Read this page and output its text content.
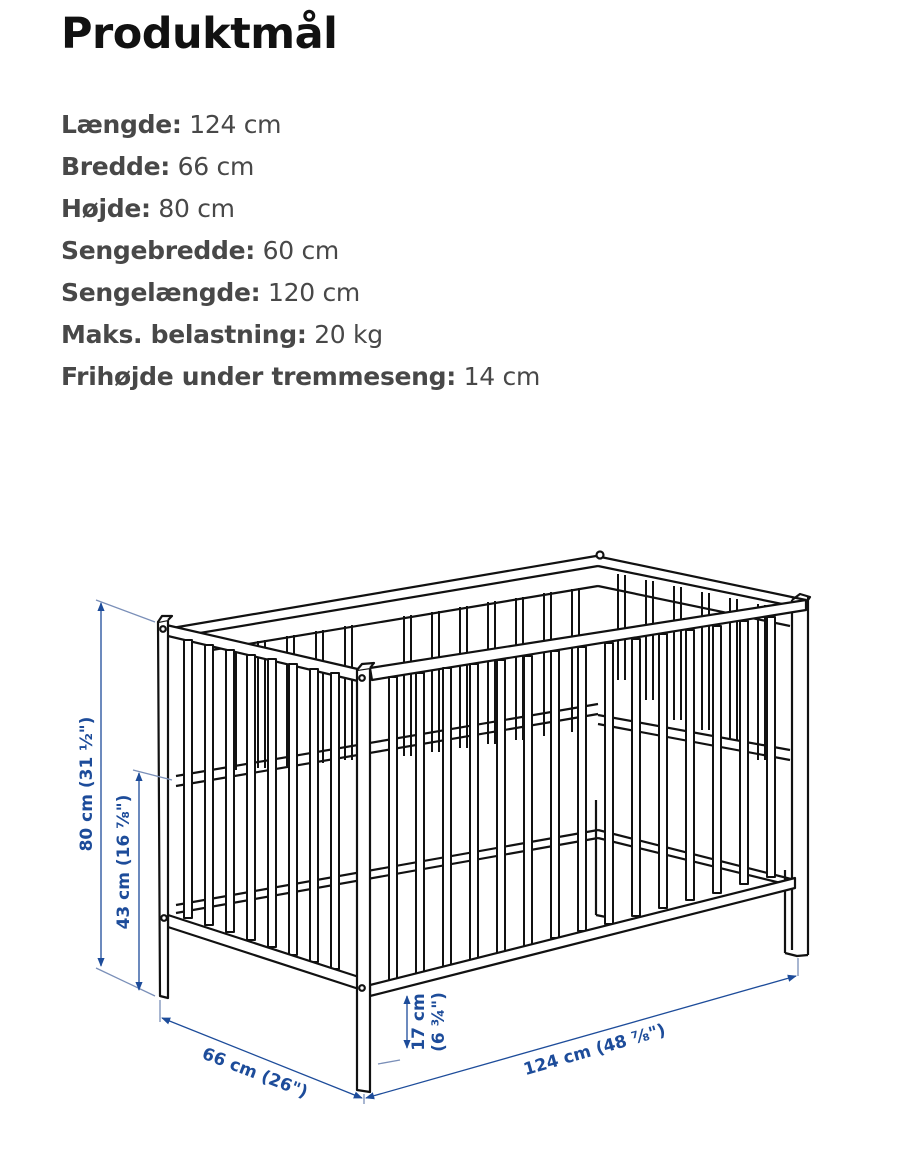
Produktmål
Længde: 124 cm
Bredde: 66 cm
Højde: 80 cm
Sengebredde: 60 cm
Sengelængde: 120 cm
Maks. belastning: 20 kg
Frihøjde under tremmeseng: 14 cm
80 cm (31 ½")
43 cm (16 ⅞")
17 cm (6 ¾")
66 cm (26")	124 cm (48 ⅞")
